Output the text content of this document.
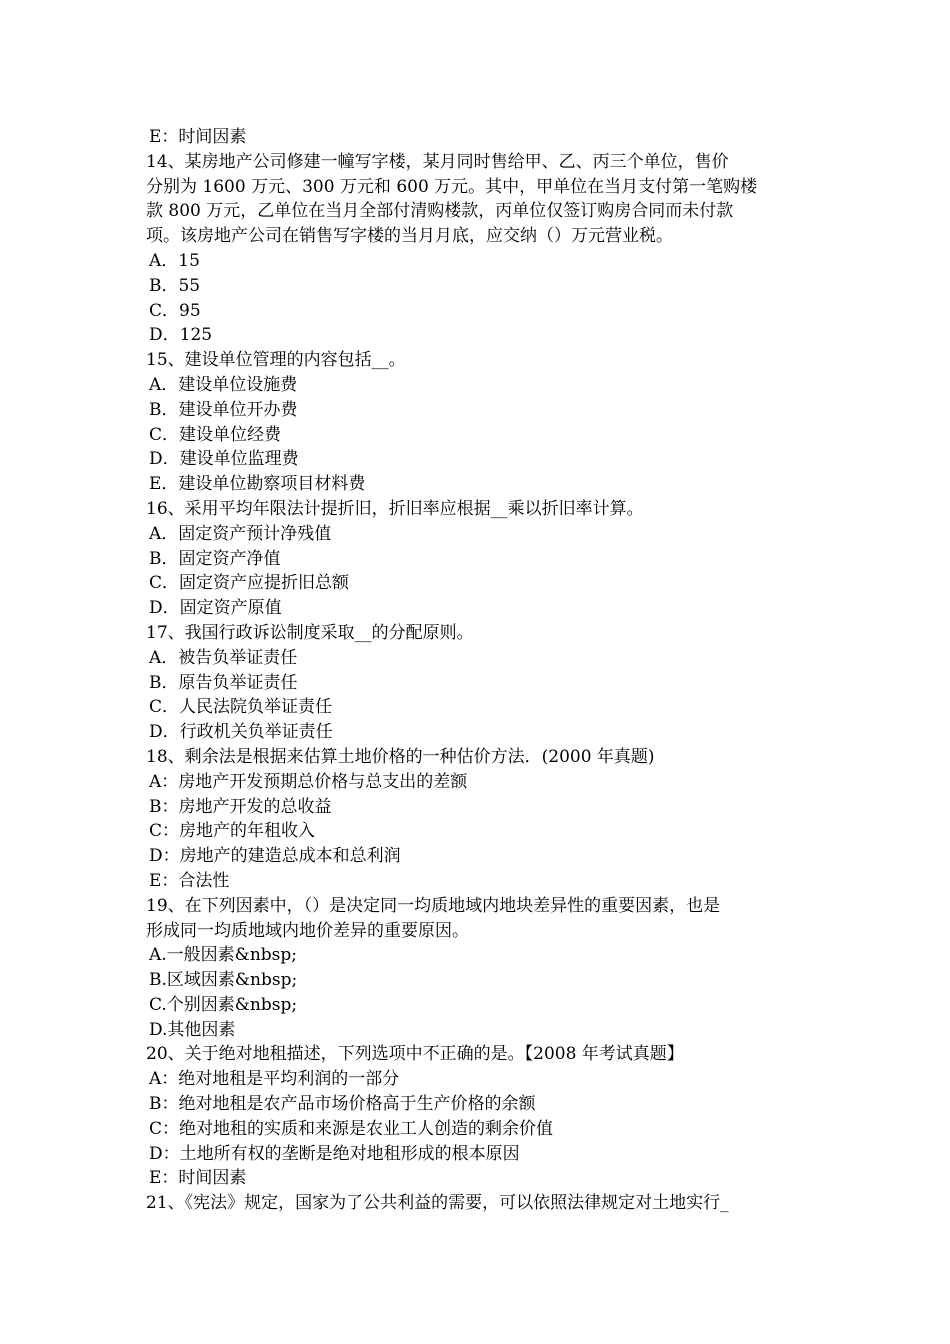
E：时间因素
14、某房地产公司修建一幢写字楼，某月同时售给甲、乙、丙三个单位，售价
分别为 1600 万元、300 万元和 600 万元。其中，甲单位在当月支付第一笔购楼
款 800 万元，乙单位在当月全部付清购楼款，丙单位仅签订购房合同而未付款
项。该房地产公司在销售写字楼的当月月底，应交纳（）万元营业税。
A．15
B．55
C．95
D．125
15、建设单位管理的内容包括__。
A．建设单位设施费
B．建设单位开办费
C．建设单位经费
D．建设单位监理费
E．建设单位勘察项目材料费
16、采用平均年限法计提折旧，折旧率应根据__乘以折旧率计算。
A．固定资产预计净残值
B．固定资产净值
C．固定资产应提折旧总额
D．固定资产原值
17、我国行政诉讼制度采取__的分配原则。
A．被告负举证责任
B．原告负举证责任
C．人民法院负举证责任
D．行政机关负举证责任
18、剩余法是根据来估算土地价格的一种估价方法．(2000 年真题)
A：房地产开发预期总价格与总支出的差额
B：房地产开发的总收益
C：房地产的年租收入
D：房地产的建造总成本和总利润
E：合法性
19、在下列因素中，（）是决定同一均质地域内地块差异性的重要因素，也是
形成同一均质地域内地价差异的重要原因。
A.一般因素&nbsp;
B.区域因素&nbsp;
C.个别因素&nbsp;
D.其他因素
20、关于绝对地租描述，下列选项中不正确的是。【2008 年考试真题】
A：绝对地租是平均利润的一部分
B：绝对地租是农产品市场价格高于生产价格的余额
C：绝对地租的实质和来源是农业工人创造的剩余价值
D：土地所有权的垄断是绝对地租形成的根本原因
E：时间因素
21、《宪法》规定，国家为了公共利益的需要，可以依照法律规定对土地实行_
